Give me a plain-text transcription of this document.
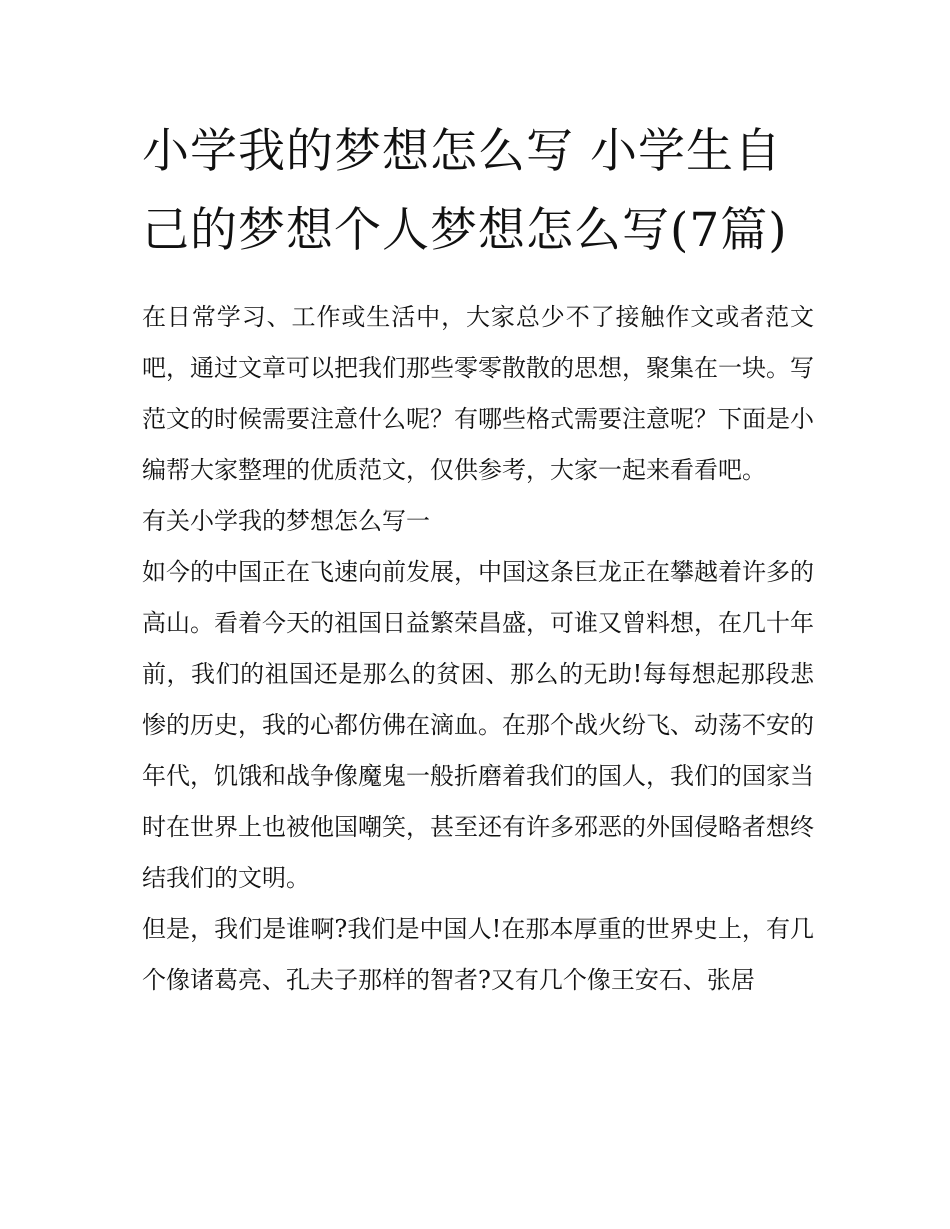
小学我的梦想怎么写 小学生自己的梦想个人梦想怎么写(7篇)

在日常学习、工作或生活中，大家总少不了接触作文或者范文吧，通过文章可以把我们那些零零散散的思想，聚集在一块。写范文的时候需要注意什么呢？有哪些格式需要注意呢？下面是小编帮大家整理的优质范文，仅供参考，大家一起来看看吧。

有关小学我的梦想怎么写一

如今的中国正在飞速向前发展，中国这条巨龙正在攀越着许多的高山。看着今天的祖国日益繁荣昌盛，可谁又曾料想，在几十年前，我们的祖国还是那么的贫困、那么的无助!每每想起那段悲惨的历史，我的心都仿佛在滴血。在那个战火纷飞、动荡不安的年代，饥饿和战争像魔鬼一般折磨着我们的国人，我们的国家当时在世界上也被他国嘲笑，甚至还有许多邪恶的外国侵略者想终结我们的文明。

但是，我们是谁啊?我们是中国人!在那本厚重的世界史上，有几个像诸葛亮、孔夫子那样的智者?又有几个像王安石、张居
